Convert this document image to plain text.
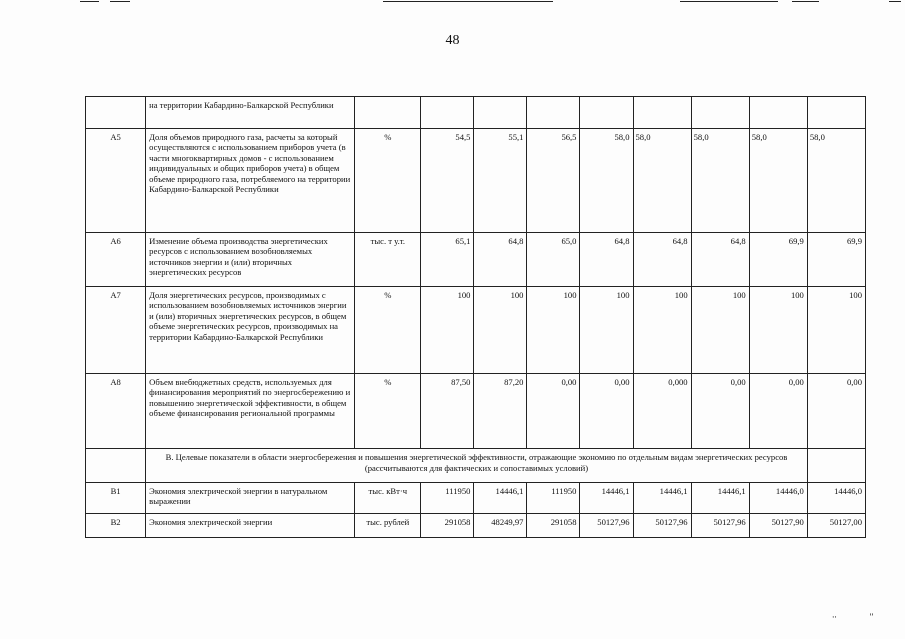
48
	на территории Кабардино-Балкарской Республики									
А5	Доля объемов природного газа, расчеты за который осуществляются с использованием приборов учета (в части многоквартирных домов - с использованием индивидуальных и общих приборов учета) в общем объеме природного газа, потребляемого на территории Кабардино-Балкарской Республики	%	54,5	55,1	56,5	58,0	58,0	58,0	58,0	58,0
А6	Изменение объема производства энергетических ресурсов с использованием возобновляемых источников энергии и (или) вторичных энергетических ресурсов	тыс. т у.т.	65,1	64,8	65,0	64,8	64,8	64,8	69,9	69,9
А7	Доля энергетических ресурсов, производимых с использованием возобновляемых источников энергии и (или) вторичных энергетических ресурсов, в общем объеме энергетических ресурсов, производимых на территории Кабардино-Балкарской Республики	%	100	100	100	100	100	100	100	100
А8	Объем внебюджетных средств, используемых для финансирования мероприятий по энергосбережению и повышению энергетической эффективности, в общем объеме финансирования региональной программы	%	87,50	87,20	0,00	0,00	0,000	0,00	0,00	0,00
	В. Целевые показатели в области энергосбережения и повышения энергетической эффективности, отражающие экономию по отдельным видам энергетических ресурсов (рассчитываются для фактических и сопоставимых условий)									
В1	Экономия электрической энергии в натуральном выражении	тыс. кВт·ч	111950	14446,1	111950	14446,1	14446,1	14446,1	14446,0	14446,0
В2	Экономия электрической энергии	тыс. рублей	291058	48249,97	291058	50127,96	50127,96	50127,96	50127,90	50127,00
··	''
